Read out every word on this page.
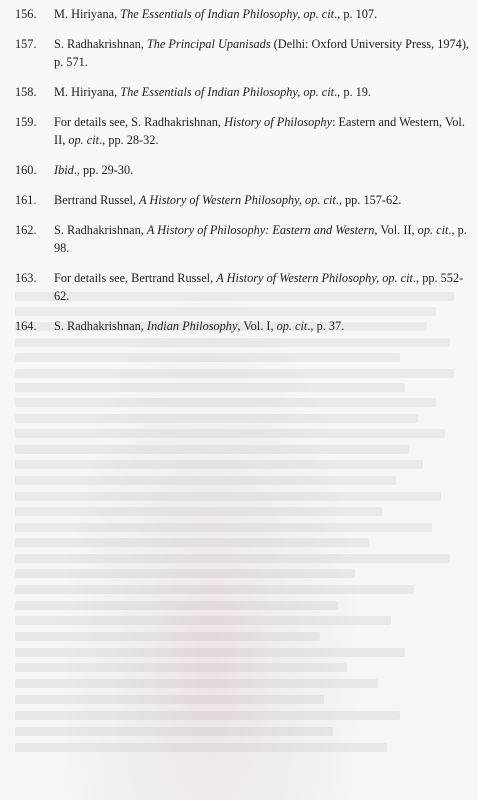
156.	M. Hiriyana, The Essentials of Indian Philosophy, op. cit., p. 107.
157.	S. Radhakrishnan, The Principal Upanisads (Delhi: Oxford University Press, 1974), p. 571.
158.	M. Hiriyana, The Essentials of Indian Philosophy, op. cit., p. 19.
159.	For details see, S. Radhakrishnan, History of Philosophy: Eastern and Western, Vol. II, op. cit., pp. 28-32.
160.	Ibid., pp. 29-30.
161.	Bertrand Russel, A History of Western Philosophy, op. cit., pp. 157-62.
162.	S. Radhakrishnan, A History of Philosophy: Eastern and Western, Vol. II, op. cit., p. 98.
163.	For details see, Bertrand Russel, A History of Western Philosophy, op. cit., pp. 552-62.
164.	S. Radhakrishnan, Indian Philosophy, Vol. I, op. cit., p. 37.
